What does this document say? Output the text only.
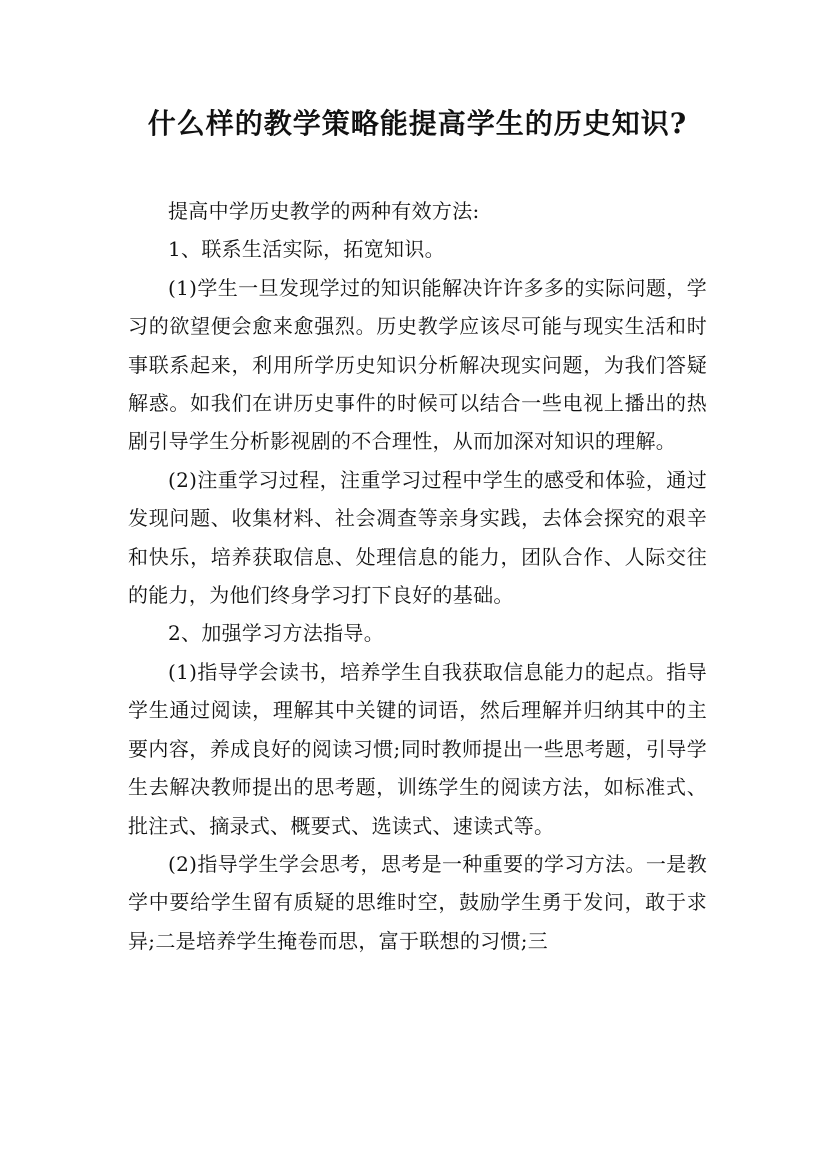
什么样的教学策略能提高学生的历史知识?

提高中学历史教学的两种有效方法:

1、联系生活实际，拓宽知识。

(1)学生一旦发现学过的知识能解决许许多多的实际问题，学习的欲望便会愈来愈强烈。历史教学应该尽可能与现实生活和时事联系起来，利用所学历史知识分析解决现实问题，为我们答疑解惑。如我们在讲历史事件的时候可以结合一些电视上播出的热剧引导学生分析影视剧的不合理性，从而加深对知识的理解。

(2)注重学习过程，注重学习过程中学生的感受和体验，通过发现问题、收集材料、社会凋查等亲身实践，去体会探究的艰辛和快乐，培养获取信息、处理信息的能力，团队合作、人际交往的能力，为他们终身学习打下良好的基础。

2、加强学习方法指导。

(1)指导学会读书，培养学生自我获取信息能力的起点。指导学生通过阅读，理解其中关键的词语，然后理解并归纳其中的主要内容，养成良好的阅读习惯;同时教师提出一些思考题，引导学生去解决教师提出的思考题，训练学生的阅读方法，如标准式、批注式、摘录式、概要式、选读式、速读式等。

(2)指导学生学会思考，思考是一种重要的学习方法。一是教学中要给学生留有质疑的思维时空，鼓励学生勇于发问，敢于求异;二是培养学生掩卷而思，富于联想的习惯;三
